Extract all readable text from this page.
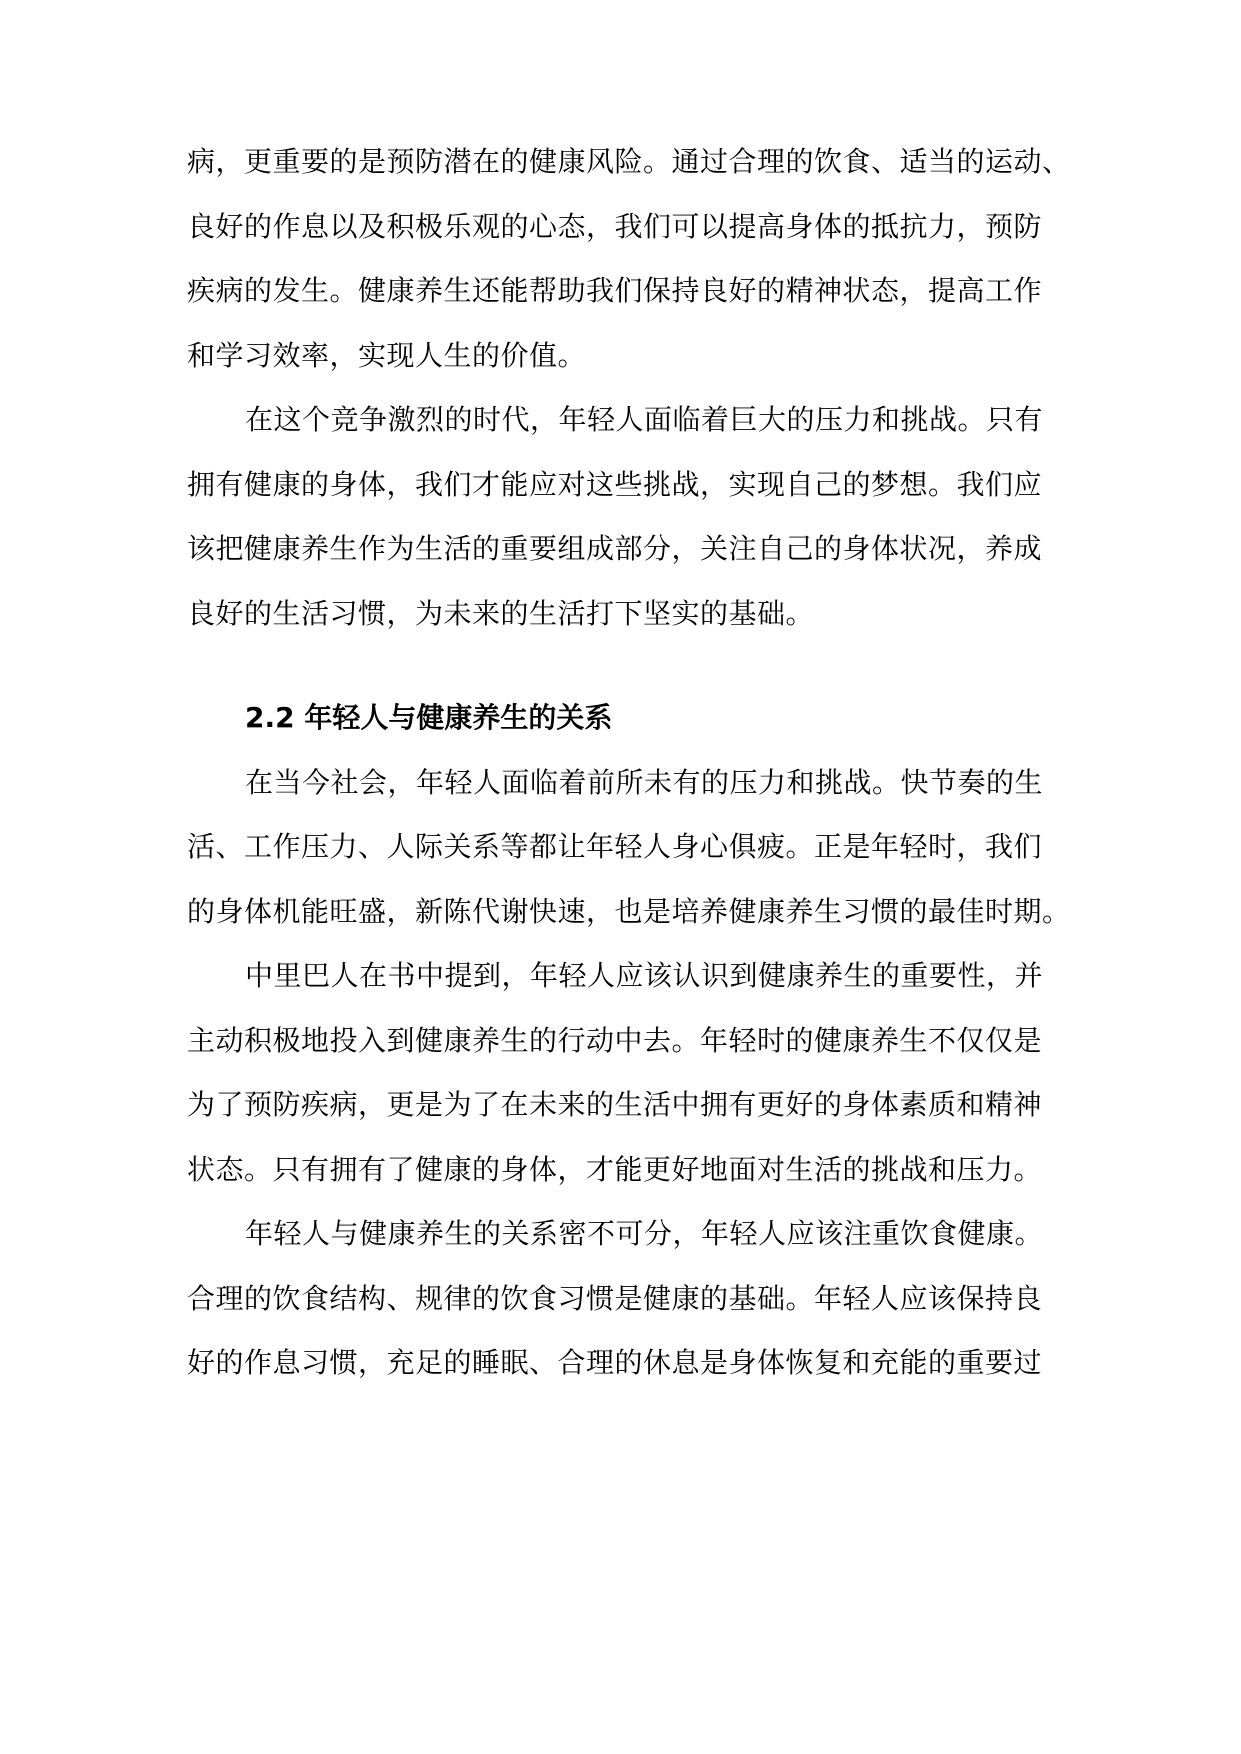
病，更重要的是预防潜在的健康风险。通过合理的饮食、适当的运动、
良好的作息以及积极乐观的心态，我们可以提高身体的抵抗力，预防
疾病的发生。健康养生还能帮助我们保持良好的精神状态，提高工作
和学习效率，实现人生的价值。
在这个竞争激烈的时代，年轻人面临着巨大的压力和挑战。只有
拥有健康的身体，我们才能应对这些挑战，实现自己的梦想。我们应
该把健康养生作为生活的重要组成部分，关注自己的身体状况，养成
良好的生活习惯，为未来的生活打下坚实的基础。
2.2 年轻人与健康养生的关系
在当今社会，年轻人面临着前所未有的压力和挑战。快节奏的生
活、工作压力、人际关系等都让年轻人身心俱疲。正是年轻时，我们
的身体机能旺盛，新陈代谢快速，也是培养健康养生习惯的最佳时期。
中里巴人在书中提到，年轻人应该认识到健康养生的重要性，并
主动积极地投入到健康养生的行动中去。年轻时的健康养生不仅仅是
为了预防疾病，更是为了在未来的生活中拥有更好的身体素质和精神
状态。只有拥有了健康的身体，才能更好地面对生活的挑战和压力。
年轻人与健康养生的关系密不可分，年轻人应该注重饮食健康。
合理的饮食结构、规律的饮食习惯是健康的基础。年轻人应该保持良
好的作息习惯，充足的睡眠、合理的休息是身体恢复和充能的重要过
